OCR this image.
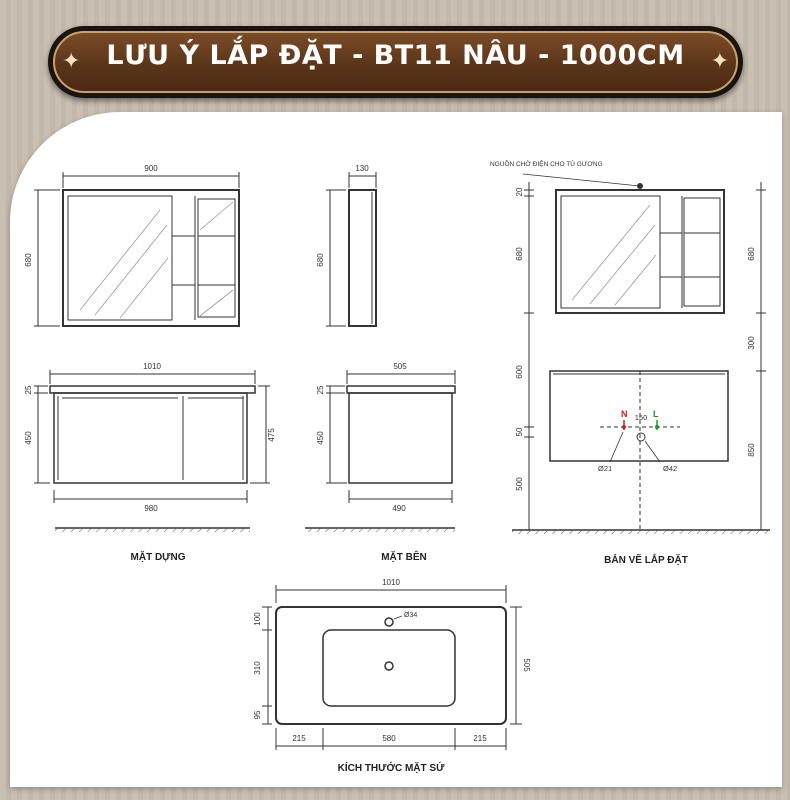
✦ LƯU Ý LẮP ĐẶT - BT11 NÂU - 1000CM	✦
900
680
1010
25
450	475
980
130
680
505
25
450
490
NGUỒN CHỜ ĐIỆN CHO TỦ GƯƠNG
20
680	680
600
300
50
500
850
N	L
150
Ø21	Ø42
1010
505
100
310
95
215	580	215
Ø34
MẶT DỰNG	MẶT BÊN	BẢN VẼ LẮP ĐẶT
KÍCH THƯỚC MẶT SỨ
